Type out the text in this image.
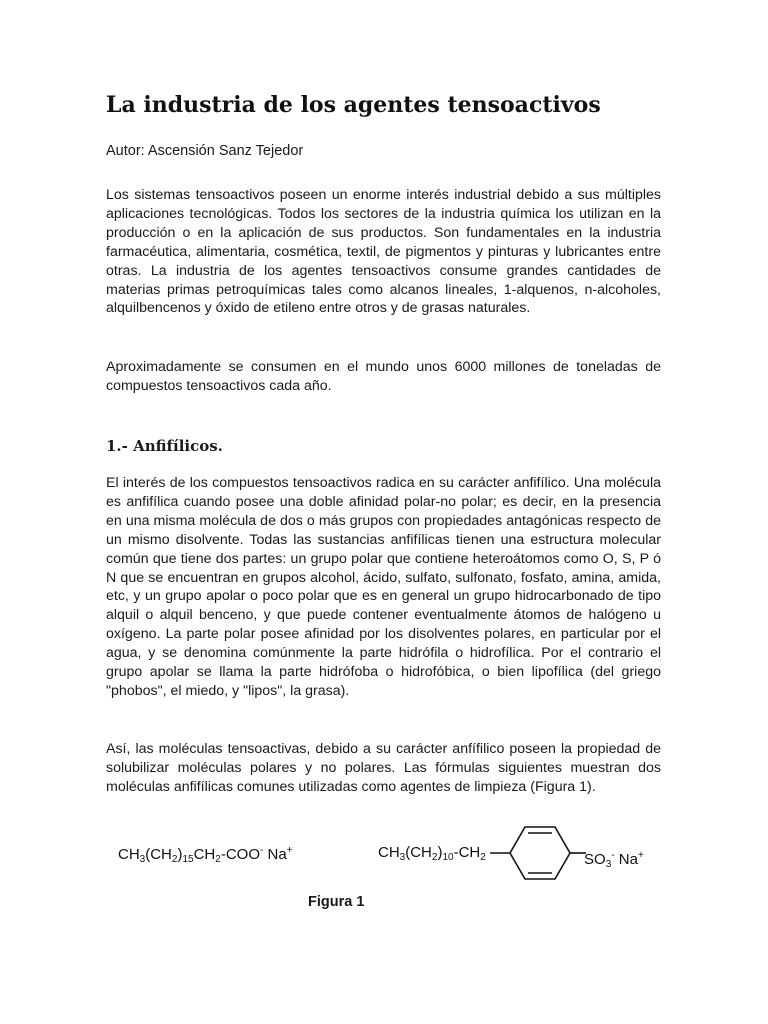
La industria de los agentes tensoactivos

Autor: Ascensión Sanz Tejedor

Los sistemas tensoactivos poseen un enorme interés industrial debido a sus múltiples aplicaciones tecnológicas. Todos los sectores de la industria química los utilizan en la producción o en la aplicación de sus productos. Son fundamentales en la industria farmacéutica, alimentaria, cosmética, textil, de pigmentos y pinturas y lubricantes entre otras. La industria de los agentes tensoactivos consume grandes cantidades de materias primas petroquímicas tales como alcanos lineales, 1-alquenos, n-alcoholes, alquilbencenos y óxido de etileno entre otros y de grasas naturales.

Aproximadamente se consumen en el mundo unos 6000 millones de toneladas de compuestos tensoactivos cada año.

1.- Anfifílicos.

El interés de los compuestos tensoactivos radica en su carácter anfifílico. Una molécula es anfifílica cuando posee una doble afinidad polar-no polar; es decir, en la presencia en una misma molécula de dos o más grupos con propiedades antagónicas respecto de un mismo disolvente. Todas las sustancias anfifílicas tienen una estructura molecular común que tiene dos partes: un grupo polar que contiene heteroátomos como O, S, P ó N que se encuentran en grupos alcohol, ácido, sulfato, sulfonato, fosfato, amina, amida, etc, y un grupo apolar o poco polar que es en general un grupo hidrocarbonado de tipo alquil o alquil benceno, y que puede contener eventualmente átomos de halógeno u oxígeno. La parte polar posee afinidad por los disolventes polares, en particular por el agua, y se denomina comúnmente la parte hidrófila o hidrofílica. Por el contrario el grupo apolar se llama la parte hidrófoba o hidrofóbica, o bien lipofílica (del griego "phobos", el miedo, y "lipos", la grasa).

Así, las moléculas tensoactivas, debido a su carácter anfífilico poseen la propiedad de solubilizar moléculas polares y no polares. Las fórmulas siguientes muestran dos moléculas anfifílicas comunes utilizadas como agentes de limpieza (Figura 1).

$CH_3(CH_2)_{15}CH_2-COO^-$ Na+	$CH_3(CH_2)_{10}-CH_2$	$SO_3^-$ Na+

Figura 1
